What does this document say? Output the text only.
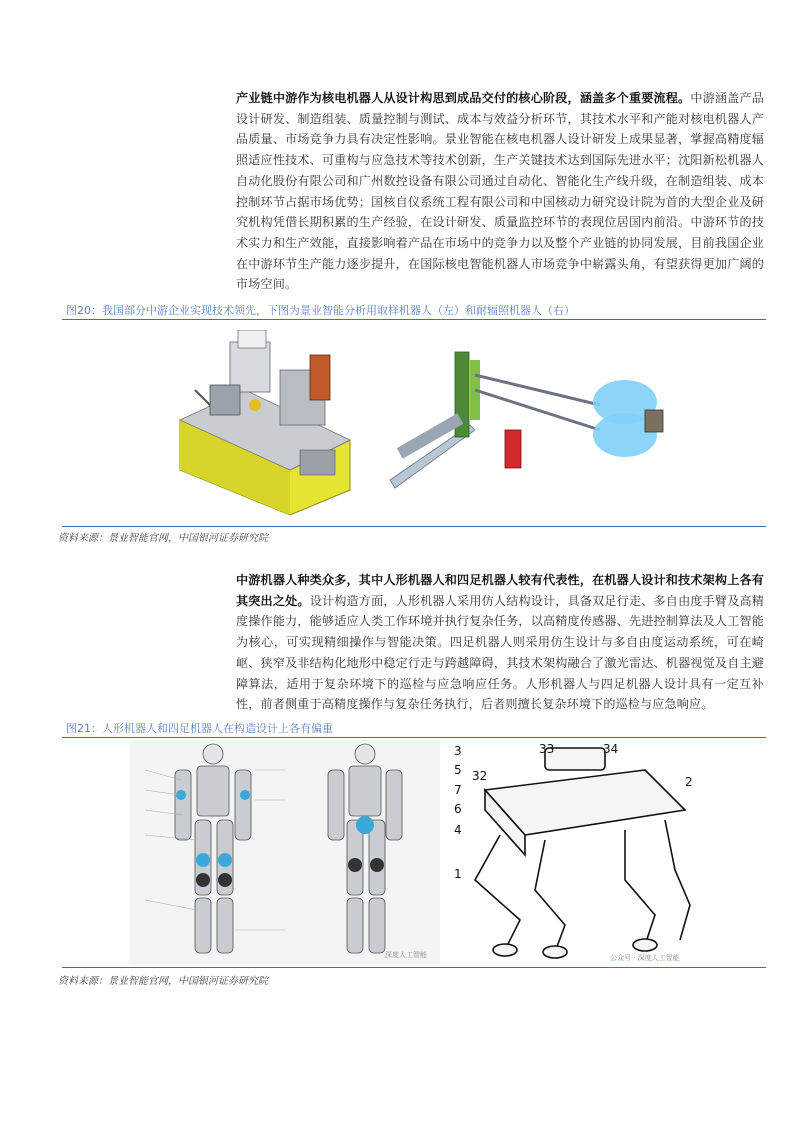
产业链中游作为核电机器人从设计构思到成品交付的核心阶段，涵盖多个重要流程。中游涵盖产品设计研发、制造组装、质量控制与测试、成本与效益分析环节，其技术水平和产能对核电机器人产品质量、市场竞争力具有决定性影响。景业智能在核电机器人设计研发上成果显著，掌握高精度辐照适应性技术、可重构与应急技术等技术创新，生产关键技术达到国际先进水平；沈阳新松机器人自动化股份有限公司和广州数控设备有限公司通过自动化、智能化生产线升级，在制造组装、成本控制环节占据市场优势；国核自仪系统工程有限公司和中国核动力研究设计院为首的大型企业及研究机构凭借长期积累的生产经验，在设计研发、质量监控环节的表现位居国内前沿。中游环节的技术实力和生产效能，直接影响着产品在市场中的竞争力以及整个产业链的协同发展，目前我国企业在中游环节生产能力逐步提升，在国际核电智能机器人市场竞争中崭露头角，有望获得更加广阔的市场空间。
图20：我国部分中游企业实现技术领先，下图为景业智能分析用取样机器人（左）和耐辐照机器人（右）
资料来源：景业智能官网，中国银河证券研究院
中游机器人种类众多，其中人形机器人和四足机器人较有代表性，在机器人设计和技术架构上各有其突出之处。设计构造方面，人形机器人采用仿人结构设计，具备双足行走、多自由度手臂及高精度操作能力，能够适应人类工作环境并执行复杂任务，以高精度传感器、先进控制算法及人工智能为核心，可实现精细操作与智能决策。四足机器人则采用仿生设计与多自由度运动系统，可在崎岖、狭窄及非结构化地形中稳定行走与跨越障碍，其技术架构融合了激光雷达、机器视觉及自主避障算法，适用于复杂环境下的巡检与应急响应任务。人形机器人与四足机器人设计具有一定互补性，前者侧重于高精度操作与复杂任务执行，后者则擅长复杂环境下的巡检与应急响应。
图21：人形机器人和四足机器人在构造设计上各有偏重
3	33	34
5 32
7
6
4
2
1
深度人工智能	公众号 · 深度人工智能
资料来源：景业智能官网，中国银河证券研究院
